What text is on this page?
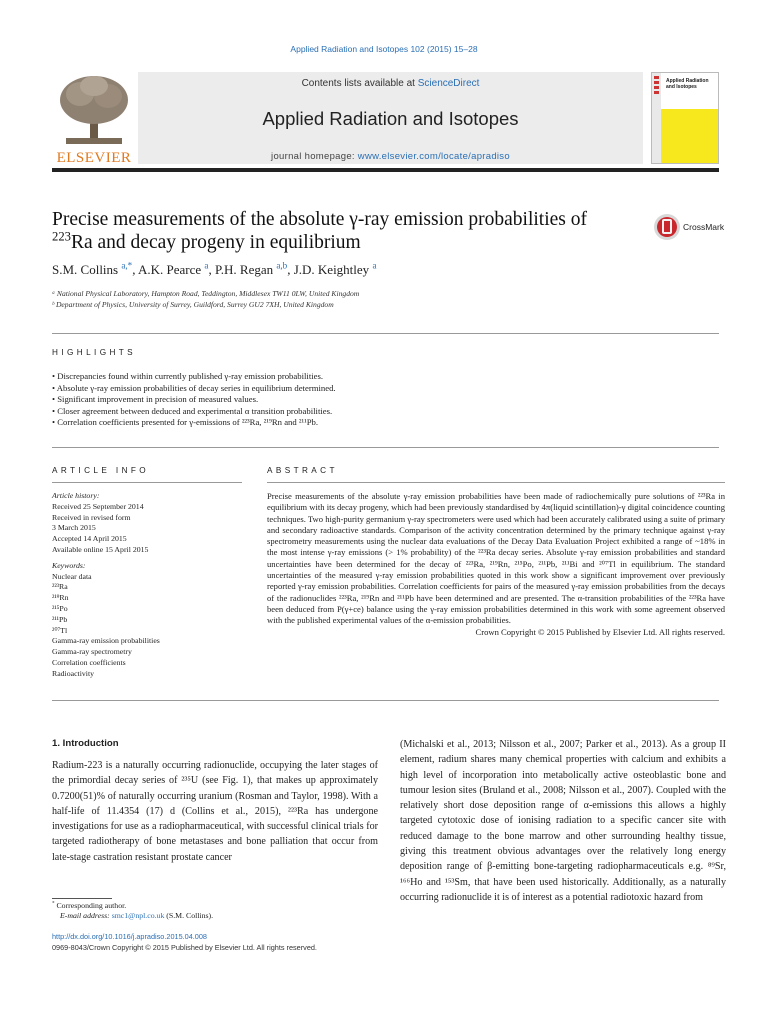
Applied Radiation and Isotopes 102 (2015) 15–28
ELSEVIER
Contents lists available at ScienceDirect
Applied Radiation and Isotopes
journal homepage: www.elsevier.com/locate/apradiso
Applied Radiation and Isotopes
Precise measurements of the absolute γ-ray emission probabilities of
$^{223}$Ra and decay progeny in equilibrium
CrossMark
S.M. Collins $^{a,*}$, A.K. Pearce $^a$, P.H. Regan $^{a,b}$, J.D. Keightley $^a$
ᵃ National Physical Laboratory, Hampton Road, Teddington, Middlesex TW11 0LW, United Kingdom
ᵇ Department of Physics, University of Surrey, Guildford, Surrey GU2 7XH, United Kingdom
HIGHLIGHTS
• Discrepancies found within currently published γ-ray emission probabilities.
• Absolute γ-ray emission probabilities of decay series in equilibrium determined.
• Significant improvement in precision of measured values.
• Closer agreement between deduced and experimental α transition probabilities.
• Correlation coefficients presented for γ-emissions of ²²³Ra, ²¹⁹Rn and ²¹¹Pb.
ARTICLE INFO
Article history:
Received 25 September 2014
Received in revised form
3 March 2015
Accepted 14 April 2015
Available online 15 April 2015
Keywords:
Nuclear data
²²³Ra
²¹⁹Rn
²¹⁵Po
²¹¹Pb
²⁰⁷Tl
Gamma-ray emission probabilities
Gamma-ray spectrometry
Correlation coefficients
Radioactivity
ABSTRACT
Precise measurements of the absolute γ-ray emission probabilities have been made of radiochemically pure solutions of ²²³Ra in equilibrium with its decay progeny, which had been previously standardised by 4π(liquid scintillation)-γ digital coincidence counting techniques. Two high-purity germanium γ-ray spectrometers were used which had been accurately calibrated using a suite of primary and secondary radioactive standards. Comparison of the activity concentration determined by the primary technique against γ-ray spectrometry measurements using the nuclear data evaluations of the Decay Data Evaluation Project exhibited a range of ~18% in the most intense γ-ray emissions (> 1% probability) of the ²²³Ra decay series. Absolute γ-ray emission probabilities and standard uncertainties have been determined for the decay of ²²³Ra, ²¹⁹Rn, ²¹⁵Po, ²¹¹Pb, ²¹¹Bi and ²⁰⁷Tl in equilibrium. The standard uncertainties of the measured γ-ray emission probabilities quoted in this work show a significant improvement over previously reported γ-ray emission probabilities. Correlation coefficients for pairs of the measured γ-ray emission probabilities from the decays of the radionuclides ²²³Ra, ²¹⁹Rn and ²¹¹Pb have been determined and are presented. The α-transition probabilities of the ²²³Ra have been deduced from P(γ+ce) balance using the γ-ray emission probabilities determined in this work with some agreement observed with the published experimental values of the α-emission probabilities.
Crown Copyright © 2015 Published by Elsevier Ltd. All rights reserved.
1. Introduction
Radium-223 is a naturally occurring radionuclide, occupying the later stages of the primordial decay series of ²³⁵U (see Fig. 1), that makes up approximately 0.7200(51)% of naturally occurring uranium (Rosman and Taylor, 1998). With a half-life of 11.4354 (17) d (Collins et al., 2015), ²²³Ra has undergone investigations for use as a radiopharmaceutical, with successful clinical trials for targeted radiotherapy of bone metastases and bone palliation that occur from late-stage castration resistant prostate cancer
(Michalski et al., 2013; Nilsson et al., 2007; Parker et al., 2013). As a group II element, radium shares many chemical properties with calcium and exhibits a high level of incorporation into metabolically active osteoblastic bone and tumour lesion sites (Bruland et al., 2008; Nilsson et al., 2007). Coupled with the relatively short dose deposition range of α-emissions this allows a highly targeted cytotoxic dose of ionising radiation to a specific cancer site with reduced damage to the bone marrow and other surrounding healthy tissue, giving this treatment obvious advantages over the relatively long energy deposition range of β-emitting bone-targeting radiopharmaceuticals e.g. ⁸⁹Sr, ¹⁶⁶Ho and ¹⁵³Sm, that have been used historically. Additionally, as a naturally occurring radionuclide it is of interest as a potential radiotoxic hazard from
* Corresponding author.
E-mail address: smc1@npl.co.uk (S.M. Collins).
http://dx.doi.org/10.1016/j.apradiso.2015.04.008
0969-8043/Crown Copyright © 2015 Published by Elsevier Ltd. All rights reserved.
